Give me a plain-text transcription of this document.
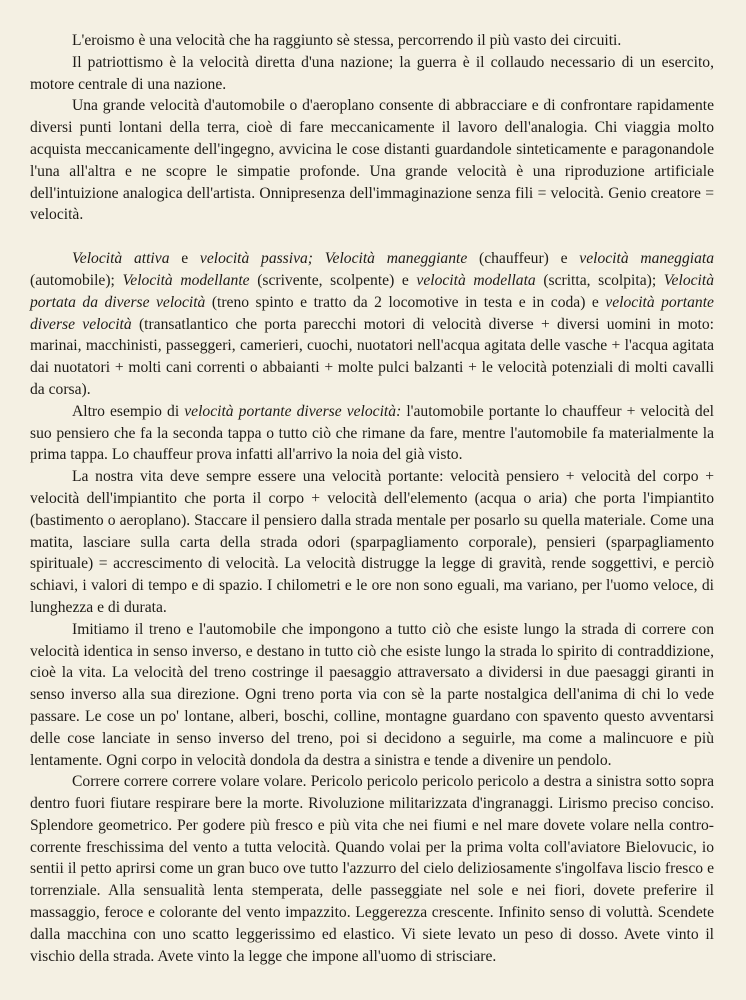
L'eroismo è una velocità che ha raggiunto sè stessa, percorrendo il più vasto dei circuiti.

Il patriottismo è la velocità diretta d'una nazione; la guerra è il collaudo necessario di un esercito, motore centrale di una nazione.

Una grande velocità d'automobile o d'aeroplano consente di abbracciare e di confrontare rapidamente diversi punti lontani della terra, cioè di fare meccanicamente il lavoro dell'analogia. Chi viaggia molto acquista meccanicamente dell'ingegno, avvicina le cose distanti guardandole sinteticamente e paragonandole l'una all'altra e ne scopre le simpatie profonde. Una grande velocità è una riproduzione artificiale dell'intuizione analogica dell'artista. Onnipresenza dell'immaginazione senza fili = velocità. Genio creatore = velocità.

Velocità attiva e velocità passiva; Velocità maneggiante (chauffeur) e velocità maneggiata (automobile); Velocità modellante (scrivente, scolpente) e velocità modellata (scritta, scolpita); Velocità portata da diverse velocità (treno spinto e tratto da 2 locomotive in testa e in coda) e velocità portante diverse velocità (transatlantico che porta parecchi motori di velocità diverse + diversi uomini in moto: marinai, macchinisti, passeggeri, camerieri, cuochi, nuotatori nell'acqua agitata delle vasche + l'acqua agitata dai nuotatori + molti cani correnti o abbaianti + molte pulci balzanti + le velocità potenziali di molti cavalli da corsa).

Altro esempio di velocità portante diverse velocità: l'automobile portante lo chauffeur + velocità del suo pensiero che fa la seconda tappa o tutto ciò che rimane da fare, mentre l'automobile fa materialmente la prima tappa. Lo chauffeur prova infatti all'arrivo la noia del già visto.

La nostra vita deve sempre essere una velocità portante: velocità pensiero + velocità del corpo + velocità dell'impiantito che porta il corpo + velocità dell'elemento (acqua o aria) che porta l'impiantito (bastimento o aeroplano). Staccare il pensiero dalla strada mentale per posarlo su quella materiale. Come una matita, lasciare sulla carta della strada odori (sparpagliamento corporale), pensieri (sparpagliamento spirituale) = accrescimento di velocità. La velocità distrugge la legge di gravità, rende soggettivi, e perciò schiavi, i valori di tempo e di spazio. I chilometri e le ore non sono eguali, ma variano, per l'uomo veloce, di lunghezza e di durata.

Imitiamo il treno e l'automobile che impongono a tutto ciò che esiste lungo la strada di correre con velocità identica in senso inverso, e destano in tutto ciò che esiste lungo la strada lo spirito di contraddizione, cioè la vita. La velocità del treno costringe il paesaggio attraversato a dividersi in due paesaggi giranti in senso inverso alla sua direzione. Ogni treno porta via con sè la parte nostalgica dell'anima di chi lo vede passare. Le cose un po' lontane, alberi, boschi, colline, montagne guardano con spavento questo avventarsi delle cose lanciate in senso inverso del treno, poi si decidono a seguirle, ma come a malincuore e più lentamente. Ogni corpo in velocità dondola da destra a sinistra e tende a divenire un pendolo.

Correre correre correre volare volare. Pericolo pericolo pericolo pericolo a destra a sinistra sotto sopra dentro fuori fiutare respirare bere la morte. Rivoluzione militarizzata d'ingranaggi. Lirismo preciso conciso. Splendore geometrico. Per godere più fresco e più vita che nei fiumi e nel mare dovete volare nella contro-corrente freschissima del vento a tutta velocità. Quando volai per la prima volta coll'aviatore Bielovucic, io sentii il petto aprirsi come un gran buco ove tutto l'azzurro del cielo deliziosamente s'ingolfava liscio fresco e torrenziale. Alla sensualità lenta stemperata, delle passeggiate nel sole e nei fiori, dovete preferire il massaggio, feroce e colorante del vento impazzito. Leggerezza crescente. Infinito senso di voluttà. Scendete dalla macchina con uno scatto leggerissimo ed elastico. Vi siete levato un peso di dosso. Avete vinto il vischio della strada. Avete vinto la legge che impone all'uomo di strisciare.
